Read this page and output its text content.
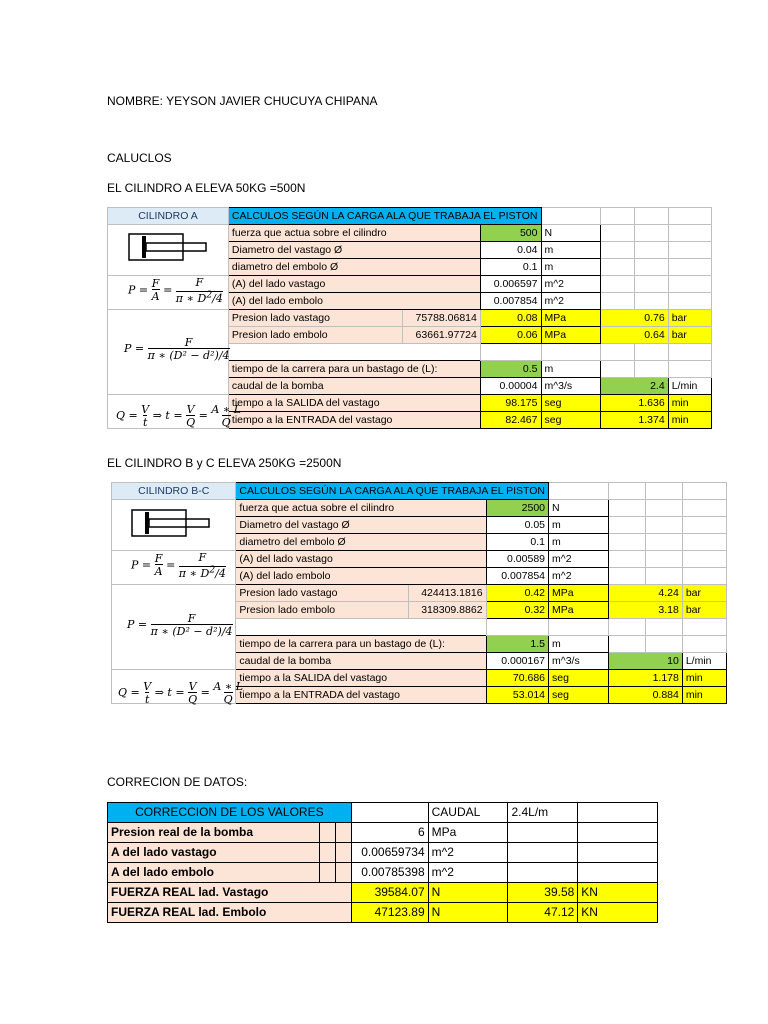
NOMBRE: YEYSON JAVIER CHUCUYA CHIPANA
CALUCLOS
EL CILINDRO A ELEVA 50KG =500N
CILINDRO A	CALCULOS SEGÚN LA CARGA ALA QUE TRABAJA EL PISTON						
	fuerza que actua sobre el cilindro		500	N			
	Diametro del vastago Ø		0.04	m			
	diametro del embolo Ø		0.1	m			
	(A) del lado vastago		0.006597	m^2			
	(A) del lado embolo		0.007854	m^2			
	Presion lado vastago	75788.06814	0.08	MPa	0.76		bar
	Presion lado embolo	63661.97724	0.06	MPa	0.64		bar

	tiempo de la carrera para un bastago de (L):		0.5	m			
	caudal de la bomba		0.00004	m^3/s	2.4		L/min
	tiempo a la SALIDA del vastago		98.175	seg	1.636		min
	tiempo a la ENTRADA del vastago		82.467	seg	1.374		min
$P = \frac{F}{A} = \frac{F}{\pi ∗ D^2/4}$
$P = \frac{F}{\text{π ∗ (D² − d²)/4}}$
$Q = \frac{V}{t}$ ⇒ $t = \frac{V}{Q} = \frac{A ∗ L}{Q}$
EL CILINDRO B y C ELEVA 250KG =2500N
CILINDRO B-C	CALCULOS SEGÚN LA CARGA ALA QUE TRABAJA EL PISTON						
	fuerza que actua sobre el cilindro		2500	N			
	Diametro del vastago Ø		0.05	m			
	diametro del embolo Ø		0.1	m			
	(A) del lado vastago		0.00589	m^2			
	(A) del lado embolo		0.007854	m^2			
	Presion lado vastago	424413.1816	0.42	MPa	4.24		bar
	Presion lado embolo	318309.8862	0.32	MPa	3.18		bar

	tiempo de la carrera para un bastago de (L):		1.5	m			
	caudal de la bomba		0.000167	m^3/s	10		L/min
	tiempo a la SALIDA del vastago		70.686	seg	1.178		min
	tiempo a la ENTRADA del vastago		53.014	seg	0.884		min
$P = \frac{F}{A} = \frac{F}{\pi ∗ D^2/4}$
$P = \frac{F}{\text{π ∗ (D² − d²)/4}}$
$Q = \frac{V}{t}$ ⇒ $t = \frac{V}{Q} = \frac{A ∗ L}{Q}$
CORRECION DE DATOS:
CORRECCION DE LOS VALORES				CAUDAL	2.4L/m	
Presion real de la bomba			6	MPa		
A del lado vastago			0.00659734	m^2		
A del lado embolo			0.00785398	m^2		
FUERZA REAL lad. Vastago			39584.07	N	39.58	KN
FUERZA REAL lad. Embolo			47123.89	N	47.12	KN
